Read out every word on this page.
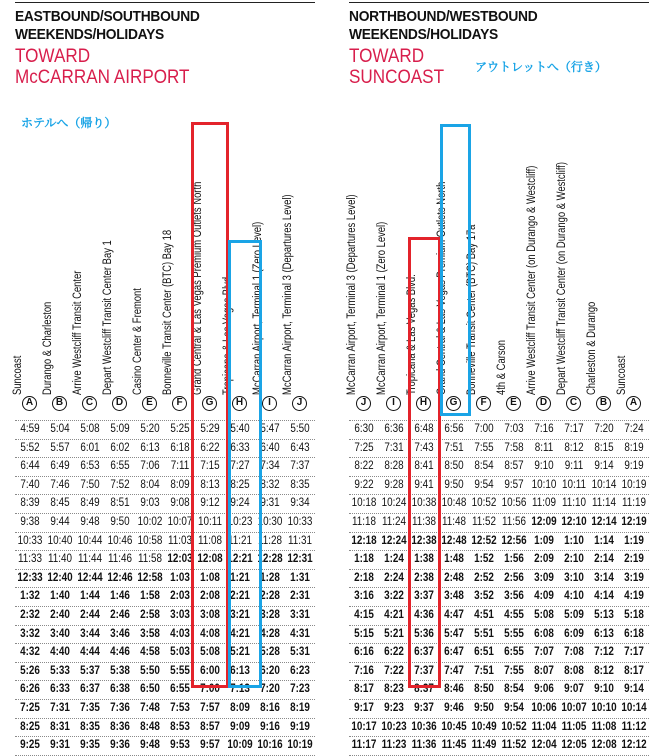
EASTBOUND/SOUTHBOUND
WEEKENDS/HOLIDAYS
TOWARD
McCARRAN AIRPORT
ホテルへ（帰り）
Suncoast
A
Durango & Charleston
B
Arrive Westcliff Transit Center
C
Depart Westcliff Transit Center Bay 1
D
Casino Center & Fremont
E
Bonneville Transit Center (BTC) Bay 18
F
Grand Central & Las Vegas Premium Outlets North
G
Tropicana & Las Vegas Blvd.
H
McCarran Airport, Terminal 1 (Zero Level)
I
McCarran Airport, Terminal 3 (Departures Level)
J
4:59 5:04 5:08 5:09 5:20 5:25 5:29 5:40 5:47 5:50
5:52 5:57 6:01 6:02 6:13 6:18 6:22 6:33 6:40 6:43
6:44 6:49 6:53 6:55 7:06 7:11 7:15 7:27 7:34 7:37
7:40 7:46 7:50 7:52 8:04 8:09 8:13 8:25 8:32 8:35
8:39 8:45 8:49 8:51 9:03 9:08 9:12 9:24 9:31 9:34
9:38 9:44 9:48 9:50 10:02 10:07 10:11 10:23 10:30 10:33
10:33 10:40 10:44 10:46 10:58 11:03 11:08 11:21 11:28 11:31
11:33 11:40 11:44 11:46 11:58 12:03 12:08 12:21 12:28 12:31
12:33 12:40 12:44 12:46 12:58 1:03 1:08 1:21 1:28 1:31
1:32 1:40 1:44 1:46 1:58 2:03 2:08 2:21 2:28 2:31
2:32 2:40 2:44 2:46 2:58 3:03 3:08 3:21 3:28 3:31
3:32 3:40 3:44 3:46 3:58 4:03 4:08 4:21 4:28 4:31
4:32 4:40 4:44 4:46 4:58 5:03 5:08 5:21 5:28 5:31
5:26 5:33 5:37 5:38 5:50 5:55 6:00 6:13 6:20 6:23
6:26 6:33 6:37 6:38 6:50 6:55 7:00 7:13 7:20 7:23
7:25 7:31 7:35 7:36 7:48 7:53 7:57 8:09 8:16 8:19
8:25 8:31 8:35 8:36 8:48 8:53 8:57 9:09 9:16 9:19
9:25 9:31 9:35 9:36 9:48 9:53 9:57 10:09 10:16 10:19
NORTHBOUND/WESTBOUND
WEEKENDS/HOLIDAYS
TOWARD
SUNCOAST	アウトレットへ（行き）
McCarran Airport, Terminal 3 (Departures Level)
J
McCarran Airport, Terminal 1 (Zero Level)
I
Tropicana & Las Vegas Blvd.
H
Grand Central & Las Vegas Premium Outlets North
G
Bonneville Transit Center (BTC) Bay 17a
F
4th & Carson
E
Arrive Westcliff Transit Center (on Durango & Westcliff)
D
Depart Westcliff Transit Center (on Durango & Westcliff)
C
Charleston & Durango
B
Suncoast
A
6:30 6:36 6:48 6:56 7:00 7:03 7:16 7:17 7:20 7:24
7:25 7:31 7:43 7:51 7:55 7:58 8:11 8:12 8:15 8:19
8:22 8:28 8:41 8:50 8:54 8:57 9:10 9:11 9:14 9:19
9:22 9:28 9:41 9:50 9:54 9:57 10:10 10:11 10:14 10:19
10:18 10:24 10:38 10:48 10:52 10:56 11:09 11:10 11:14 11:19
11:18 11:24 11:38 11:48 11:52 11:56 12:09 12:10 12:14 12:19
12:18 12:24 12:38 12:48 12:52 12:56 1:09 1:10 1:14 1:19
1:18 1:24 1:38 1:48 1:52 1:56 2:09 2:10 2:14 2:19
2:18 2:24 2:38 2:48 2:52 2:56 3:09 3:10 3:14 3:19
3:16 3:22 3:37 3:48 3:52 3:56 4:09 4:10 4:14 4:19
4:15 4:21 4:36 4:47 4:51 4:55 5:08 5:09 5:13 5:18
5:15 5:21 5:36 5:47 5:51 5:55 6:08 6:09 6:13 6:18
6:16 6:22 6:37 6:47 6:51 6:55 7:07 7:08 7:12 7:17
7:16 7:22 7:37 7:47 7:51 7:55 8:07 8:08 8:12 8:17
8:17 8:23 8:37 8:46 8:50 8:54 9:06 9:07 9:10 9:14
9:17 9:23 9:37 9:46 9:50 9:54 10:06 10:07 10:10 10:14
10:17 10:23 10:36 10:45 10:49 10:52 11:04 11:05 11:08 11:12
11:17 11:23 11:36 11:45 11:49 11:52 12:04 12:05 12:08 12:12
